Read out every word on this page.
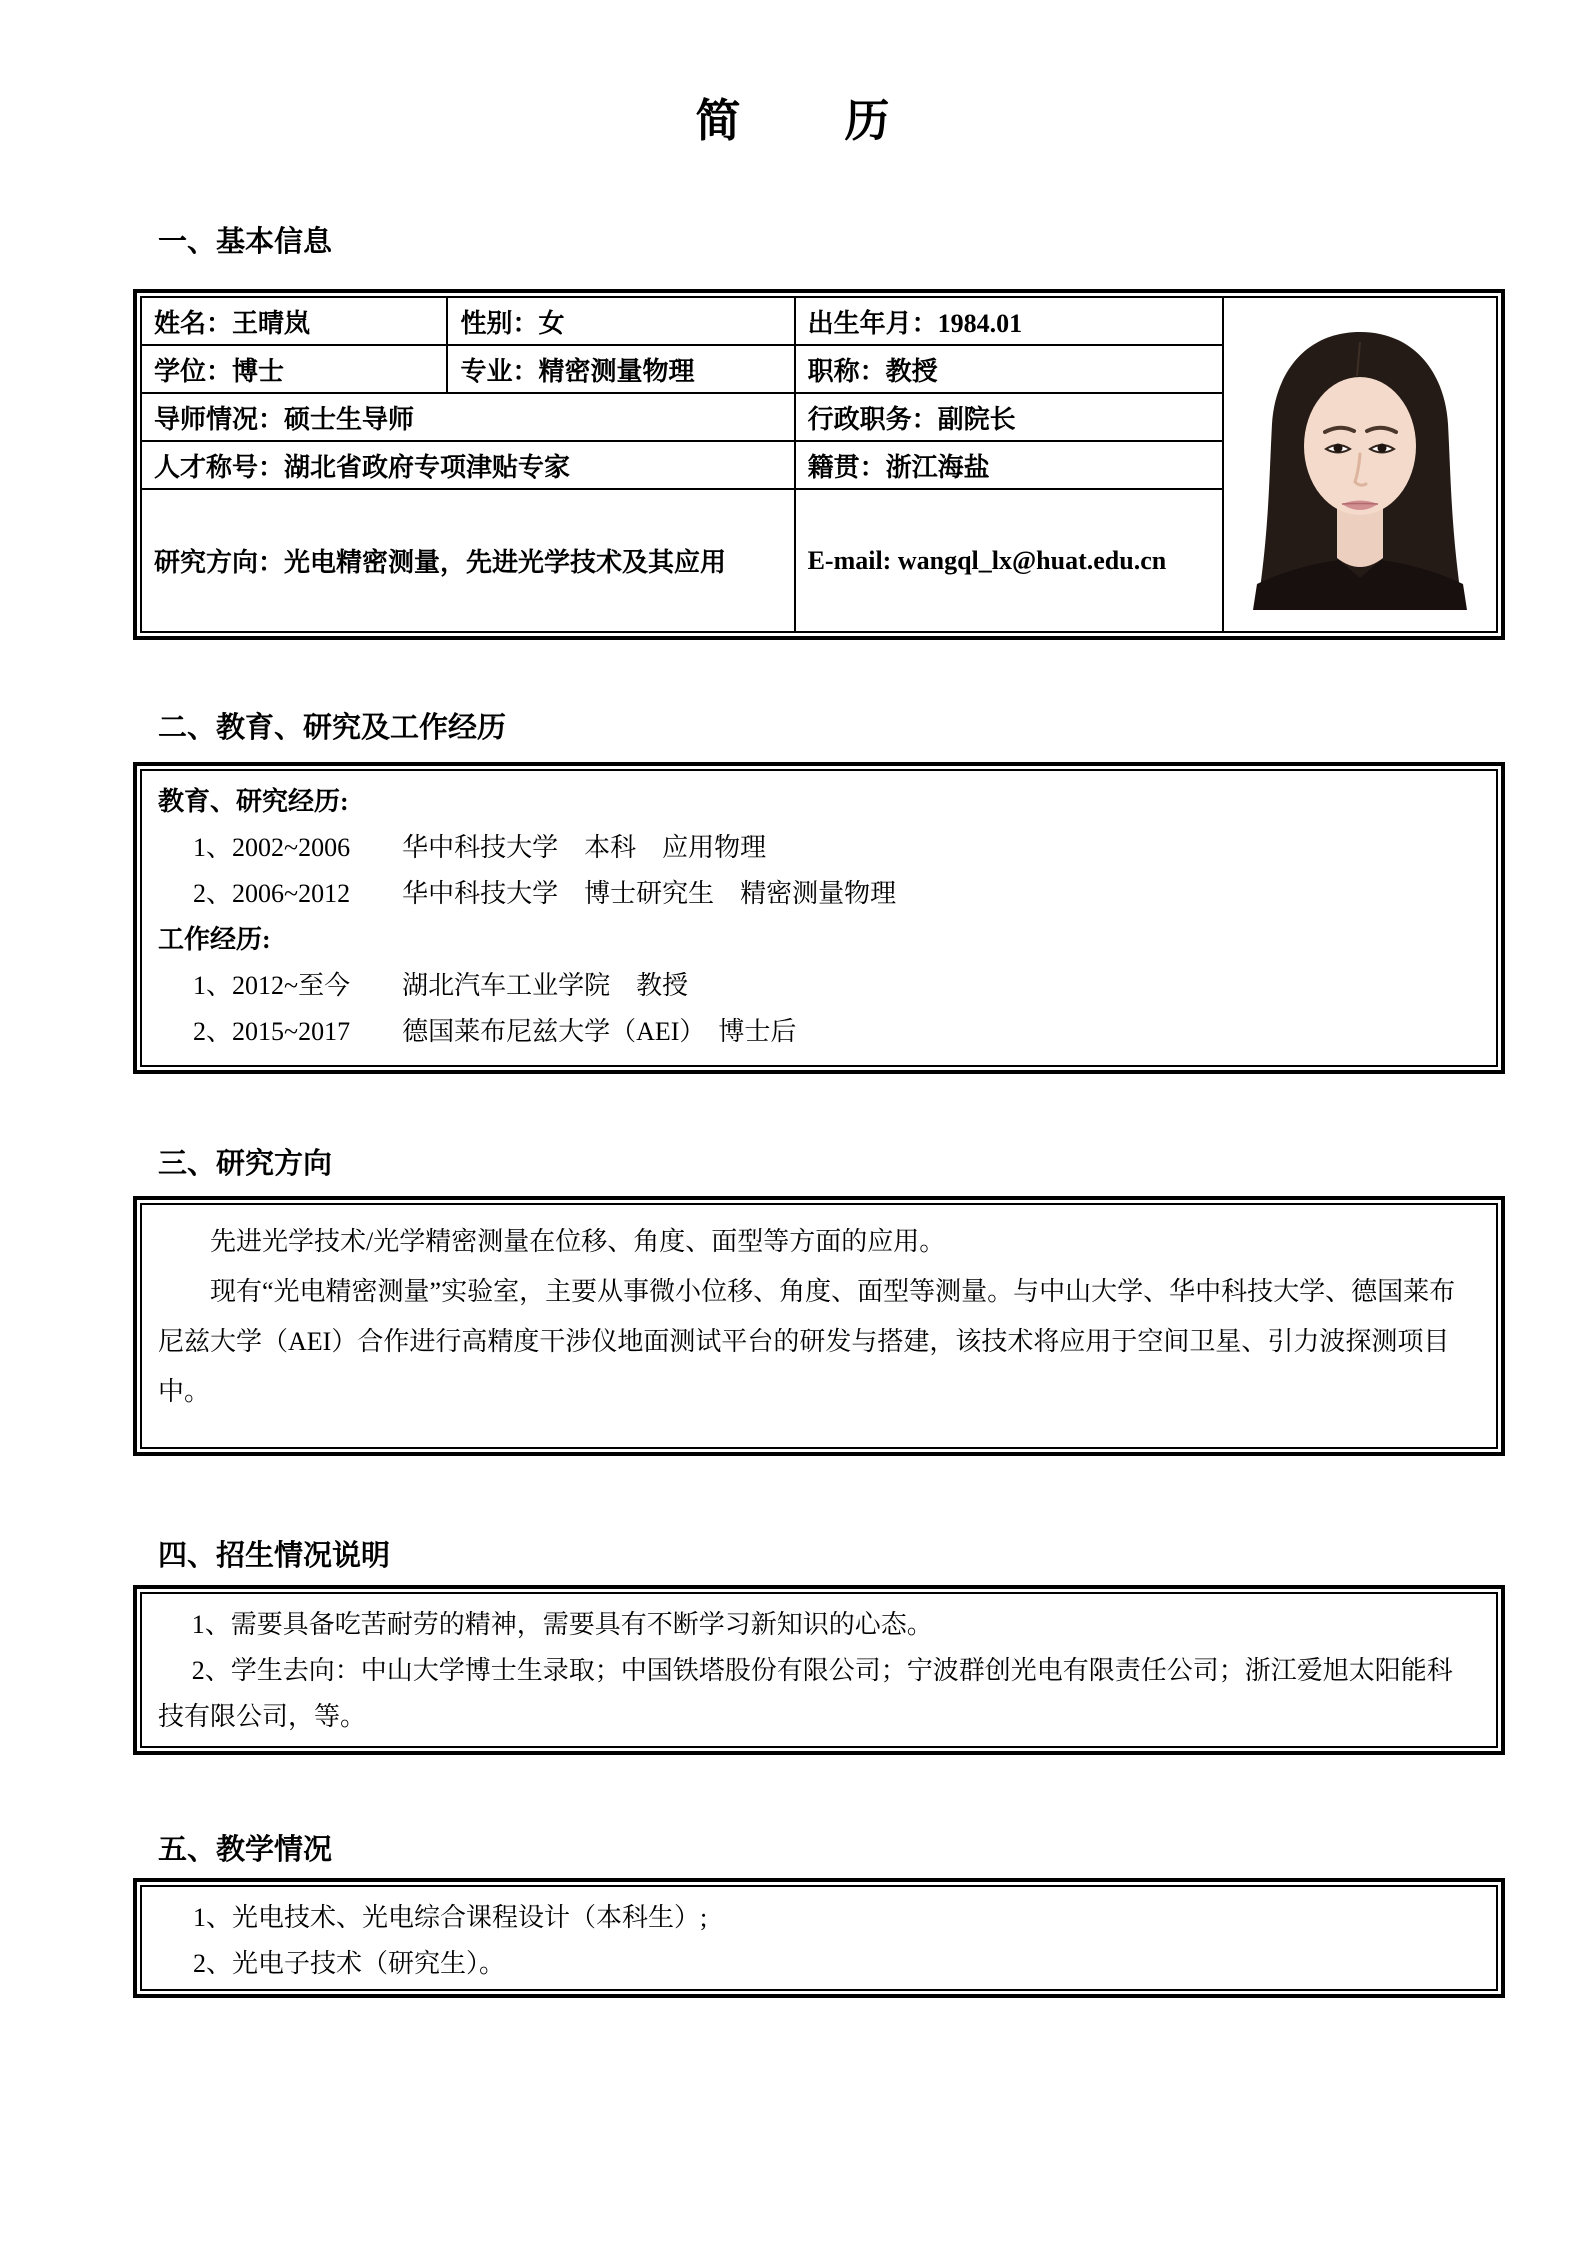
简 历
一、基本信息
姓名：王晴岚	性别：女	出生年月：1984.01	

学位：博士	专业：精密测量物理	职称：教授	
导师情况：硕士生导师		行政职务：副院长	
人才称号：湖北省政府专项津贴专家		籍贯：浙江海盐	
研究方向：光电精密测量，先进光学技术及其应用		E-mail: wangql_lx@huat.edu.cn	
二、教育、研究及工作经历
教育、研究经历:
1、2002~2006　　华中科技大学　本科　应用物理
2、2006~2012　　华中科技大学　博士研究生　精密测量物理
工作经历:
1、2012~至今　　湖北汽车工业学院　教授
2、2015~2017　　德国莱布尼兹大学（AEI）　博士后
三、研究方向

先进光学技术/光学精密测量在位移、角度、面型等方面的应用。

现有“光电精密测量”实验室，主要从事微小位移、角度、面型等测量。与中山大学、华中科技大学、德国莱布尼兹大学（AEI）合作进行高精度干涉仪地面测试平台的研发与搭建，该技术将应用于空间卫星、引力波探测项目中。

四、招生情况说明

1、需要具备吃苦耐劳的精神，需要具有不断学习新知识的心态。

2、学生去向：中山大学博士生录取；中国铁塔股份有限公司；宁波群创光电有限责任公司；浙江爱旭太阳能科技有限公司，等。

五、教学情况
1、光电技术、光电综合课程设计（本科生）;
2、光电子技术（研究生）。
